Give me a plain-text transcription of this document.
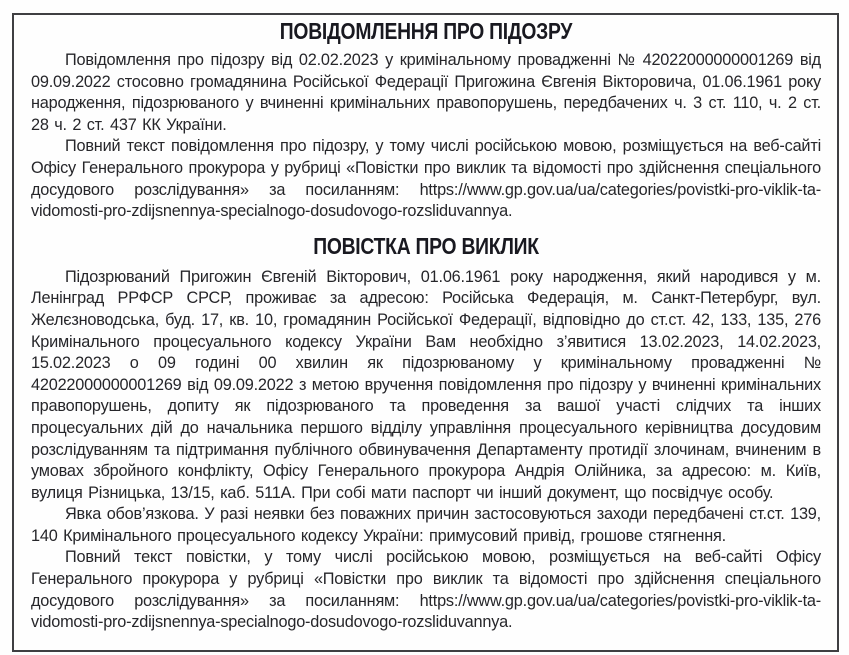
ПОВІДОМЛЕННЯ ПРО ПІДОЗРУ

Повідомлення про підозру від 02.02.2023 у кримінальному провадженні № 42022000000001269 від 09.09.2022 стосовно громадянина Російської Федерації Пригожина Євгенія Вікторовича, 01.06.1961 року народження, підозрюваного у вчиненні кримінальних правопорушень, передбачених ч. 3 ст. 110, ч. 2 ст. 28 ч. 2 ст. 437 КК України.

Повний текст повідомлення про підозру, у тому числі російською мовою, розміщується на веб-сайті Офісу Генерального прокурора у рубриці «Повістки про виклик та відомості про здійснення спеціального досудового розслідування» за посиланням: https://www.gp.gov.ua/ua/categories/povistki-pro-viklik-ta-vidomosti-pro-zdijsnennya-specialnogo-dosudovogo-rozsliduvannya.

ПОВІСТКА ПРО ВИКЛИК

Підозрюваний Пригожин Євгеній Вікторович, 01.06.1961 року народження, який народився у м. Ленінград РРФСР СРСР, проживає за адресою: Російська Федерація, м. Санкт-Петербург, вул. Желєзноводська, буд. 17, кв. 10, громадянин Російської Федерації, відповідно до ст.ст. 42, 133, 135, 276 Кримінального процесуального кодексу України Вам необхідно з’явитися 13.02.2023, 14.02.2023, 15.02.2023 о 09 годині 00 хвилин як підозрюваному у кримінальному провадженні № 42022000000001269 від 09.09.2022 з метою вручення повідомлення про підозру у вчиненні кримінальних правопорушень, допиту як підозрюваного та проведення за вашої участі слідчих та інших процесуальних дій до начальника першого відділу управління процесуального керівництва досудовим розслідуванням та підтримання публічного обвинувачення Департаменту протидії злочинам, вчиненим в умовах збройного конфлікту, Офісу Генерального прокурора Андрія Олійника, за адресою: м. Київ, вулиця Різницька, 13/15, каб. 511А. При собі мати паспорт чи інший документ, що посвідчує особу.

Явка обов’язкова. У разі неявки без поважних причин застосовуються заходи передбачені ст.ст. 139, 140 Кримінального процесуального кодексу України: примусовий привід, грошове стягнення.

Повний текст повістки, у тому числі російською мовою, розміщується на веб-сайті Офісу Генерального прокурора у рубриці «Повістки про виклик та відомості про здійснення спеціального досудового розслідування» за посиланням: https://www.gp.gov.ua/ua/categories/povistki-pro-viklik-ta-vidomosti-pro-zdijsnennya-specialnogo-dosudovogo-rozsliduvannya.
